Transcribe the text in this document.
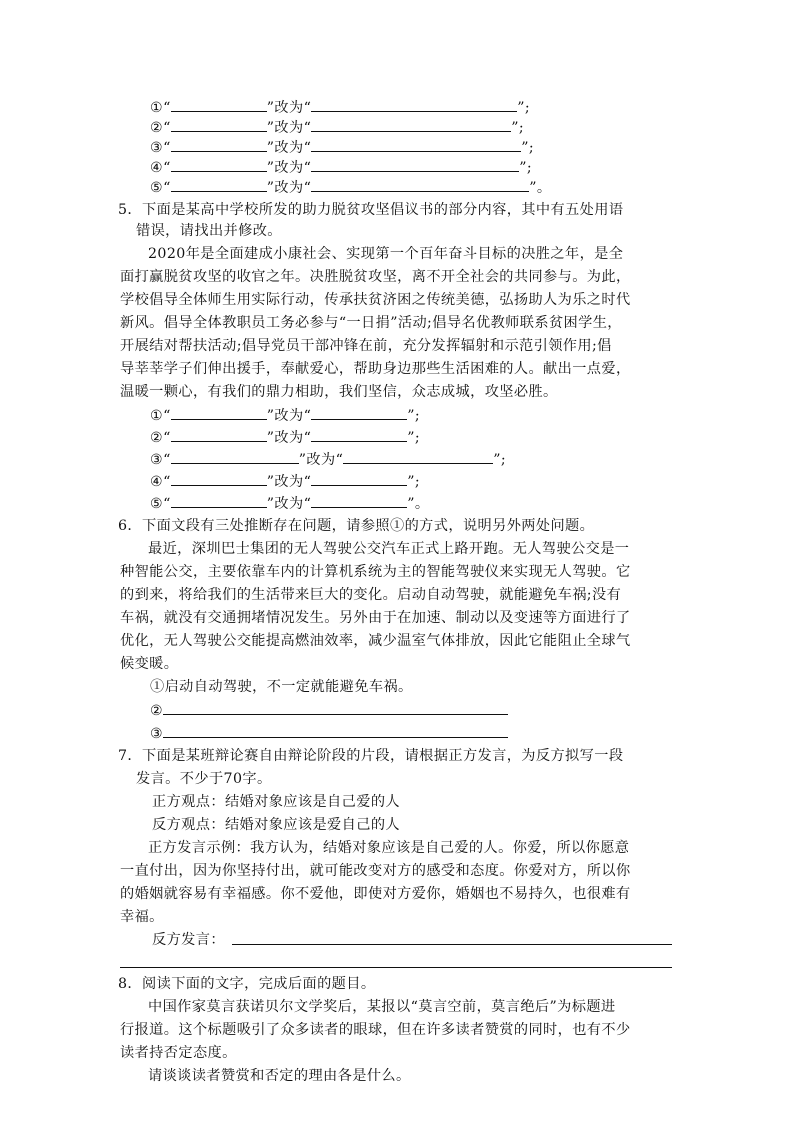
①“	”改为“	”;
②“	”改为“	”;
③“	”改为“	”;
④“	”改为“	”;
⑤“	”改为“	”。
5．下面是某高中学校所发的助力脱贫攻坚倡议书的部分内容，其中有五处用语
错误，请找出并修改。
2020年是全面建成小康社会、实现第一个百年奋斗目标的决胜之年，是全
面打赢脱贫攻坚的收官之年。决胜脱贫攻坚，离不开全社会的共同参与。为此，
学校倡导全体师生用实际行动，传承扶贫济困之传统美德，弘扬助人为乐之时代
新风。倡导全体教职员工务必参与“一日捐”活动;倡导名优教师联系贫困学生，
开展结对帮扶活动;倡导党员干部冲锋在前，充分发挥辐射和示范引领作用;倡
导莘莘学子们伸出援手，奉献爱心，帮助身边那些生活困难的人。献出一点爱，
温暖一颗心，有我们的鼎力相助，我们坚信，众志成城，攻坚必胜。
①“	”改为“	”;
②“	”改为“	”;
③“	”改为“	”;
④“	”改为“	”;
⑤“	”改为“	”。
6．下面文段有三处推断存在问题，请参照①的方式，说明另外两处问题。
最近，深圳巴士集团的无人驾驶公交汽车正式上路开跑。无人驾驶公交是一
种智能公交，主要依靠车内的计算机系统为主的智能驾驶仪来实现无人驾驶。它
的到来，将给我们的生活带来巨大的变化。启动自动驾驶，就能避免车祸;没有
车祸，就没有交通拥堵情况发生。另外由于在加速、制动以及变速等方面进行了
优化，无人驾驶公交能提高燃油效率，减少温室气体排放，因此它能阻止全球气
候变暖。
①启动自动驾驶，不一定就能避免车祸。
②
③
7．下面是某班辩论赛自由辩论阶段的片段，请根据正方发言，为反方拟写一段
发言。不少于70字。
正方观点：结婚对象应该是自己爱的人
反方观点：结婚对象应该是爱自己的人
正方发言示例：我方认为，结婚对象应该是自己爱的人。你爱，所以你愿意
一直付出，因为你坚持付出，就可能改变对方的感受和态度。你爱对方，所以你
的婚姻就容易有幸福感。你不爱他，即使对方爱你，婚姻也不易持久，也很难有
幸福。
反方发言：
8．阅读下面的文字，完成后面的题目。
中国作家莫言获诺贝尔文学奖后，某报以“莫言空前，莫言绝后”为标题进
行报道。这个标题吸引了众多读者的眼球，但在许多读者赞赏的同时，也有不少
读者持否定态度。
请谈谈读者赞赏和否定的理由各是什么。
